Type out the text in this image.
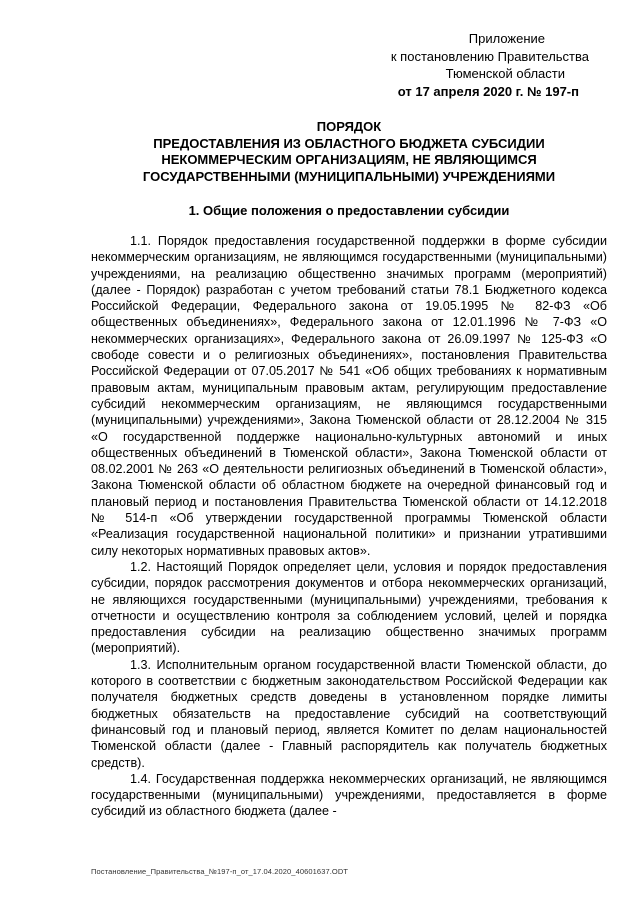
Приложение
к постановлению Правительства
Тюменской области
от 17 апреля 2020 г. № 197-п
ПОРЯДОК
ПРЕДОСТАВЛЕНИЯ ИЗ ОБЛАСТНОГО БЮДЖЕТА СУБСИДИИ
НЕКОММЕРЧЕСКИМ ОРГАНИЗАЦИЯМ, НЕ ЯВЛЯЮЩИМСЯ
ГОСУДАРСТВЕННЫМИ (МУНИЦИПАЛЬНЫМИ) УЧРЕЖДЕНИЯМИ
1. Общие положения о предоставлении субсидии

1.1. Порядок предоставления государственной поддержки в форме субсидии некоммерческим организациям, не являющимся государственными (муниципальными) учреждениями, на реализацию общественно значимых программ (мероприятий) (далее - Порядок) разработан с учетом требований статьи 78.1 Бюджетного кодекса Российской Федерации, Федерального закона от 19.05.1995 № 82-ФЗ «Об общественных объединениях», Федерального закона от 12.01.1996 № 7-ФЗ «О некоммерческих организациях», Федерального закона от 26.09.1997 № 125-ФЗ «О свободе совести и о религиозных объединениях», постановления Правительства Российской Федерации от 07.05.2017 № 541 «Об общих требованиях к нормативным правовым актам, муниципальным правовым актам, регулирующим предоставление субсидий некоммерческим организациям, не являющимся государственными (муниципальными) учреждениями», Закона Тюменской области от 28.12.2004 № 315 «О государственной поддержке национально-культурных автономий и иных общественных объединений в Тюменской области», Закона Тюменской области от 08.02.2001 № 263 «О деятельности религиозных объединений в Тюменской области», Закона Тюменской области об областном бюджете на очередной финансовый год и плановый период и постановления Правительства Тюменской области от 14.12.2018 № 514-п «Об утверждении государственной программы Тюменской области «Реализация государственной национальной политики» и признании утратившими силу некоторых нормативных правовых актов».

1.2. Настоящий Порядок определяет цели, условия и порядок предоставления субсидии, порядок рассмотрения документов и отбора некоммерческих организаций, не являющихся государственными (муниципальными) учреждениями, требования к отчетности и осуществлению контроля за соблюдением условий, целей и порядка предоставления субсидии на реализацию общественно значимых программ (мероприятий).

1.3. Исполнительным органом государственной власти Тюменской области, до которого в соответствии с бюджетным законодательством Российской Федерации как получателя бюджетных средств доведены в установленном порядке лимиты бюджетных обязательств на предоставление субсидий на соответствующий финансовый год и плановый период, является Комитет по делам национальностей Тюменской области (далее - Главный распорядитель как получатель бюджетных средств).

1.4. Государственная поддержка некоммерческих организаций, не являющимся государственными (муниципальными) учреждениями, предоставляется в форме субсидий из областного бюджета (далее -

Постановление_Правительства_№197-п_от_17.04.2020_40601637.ODT
